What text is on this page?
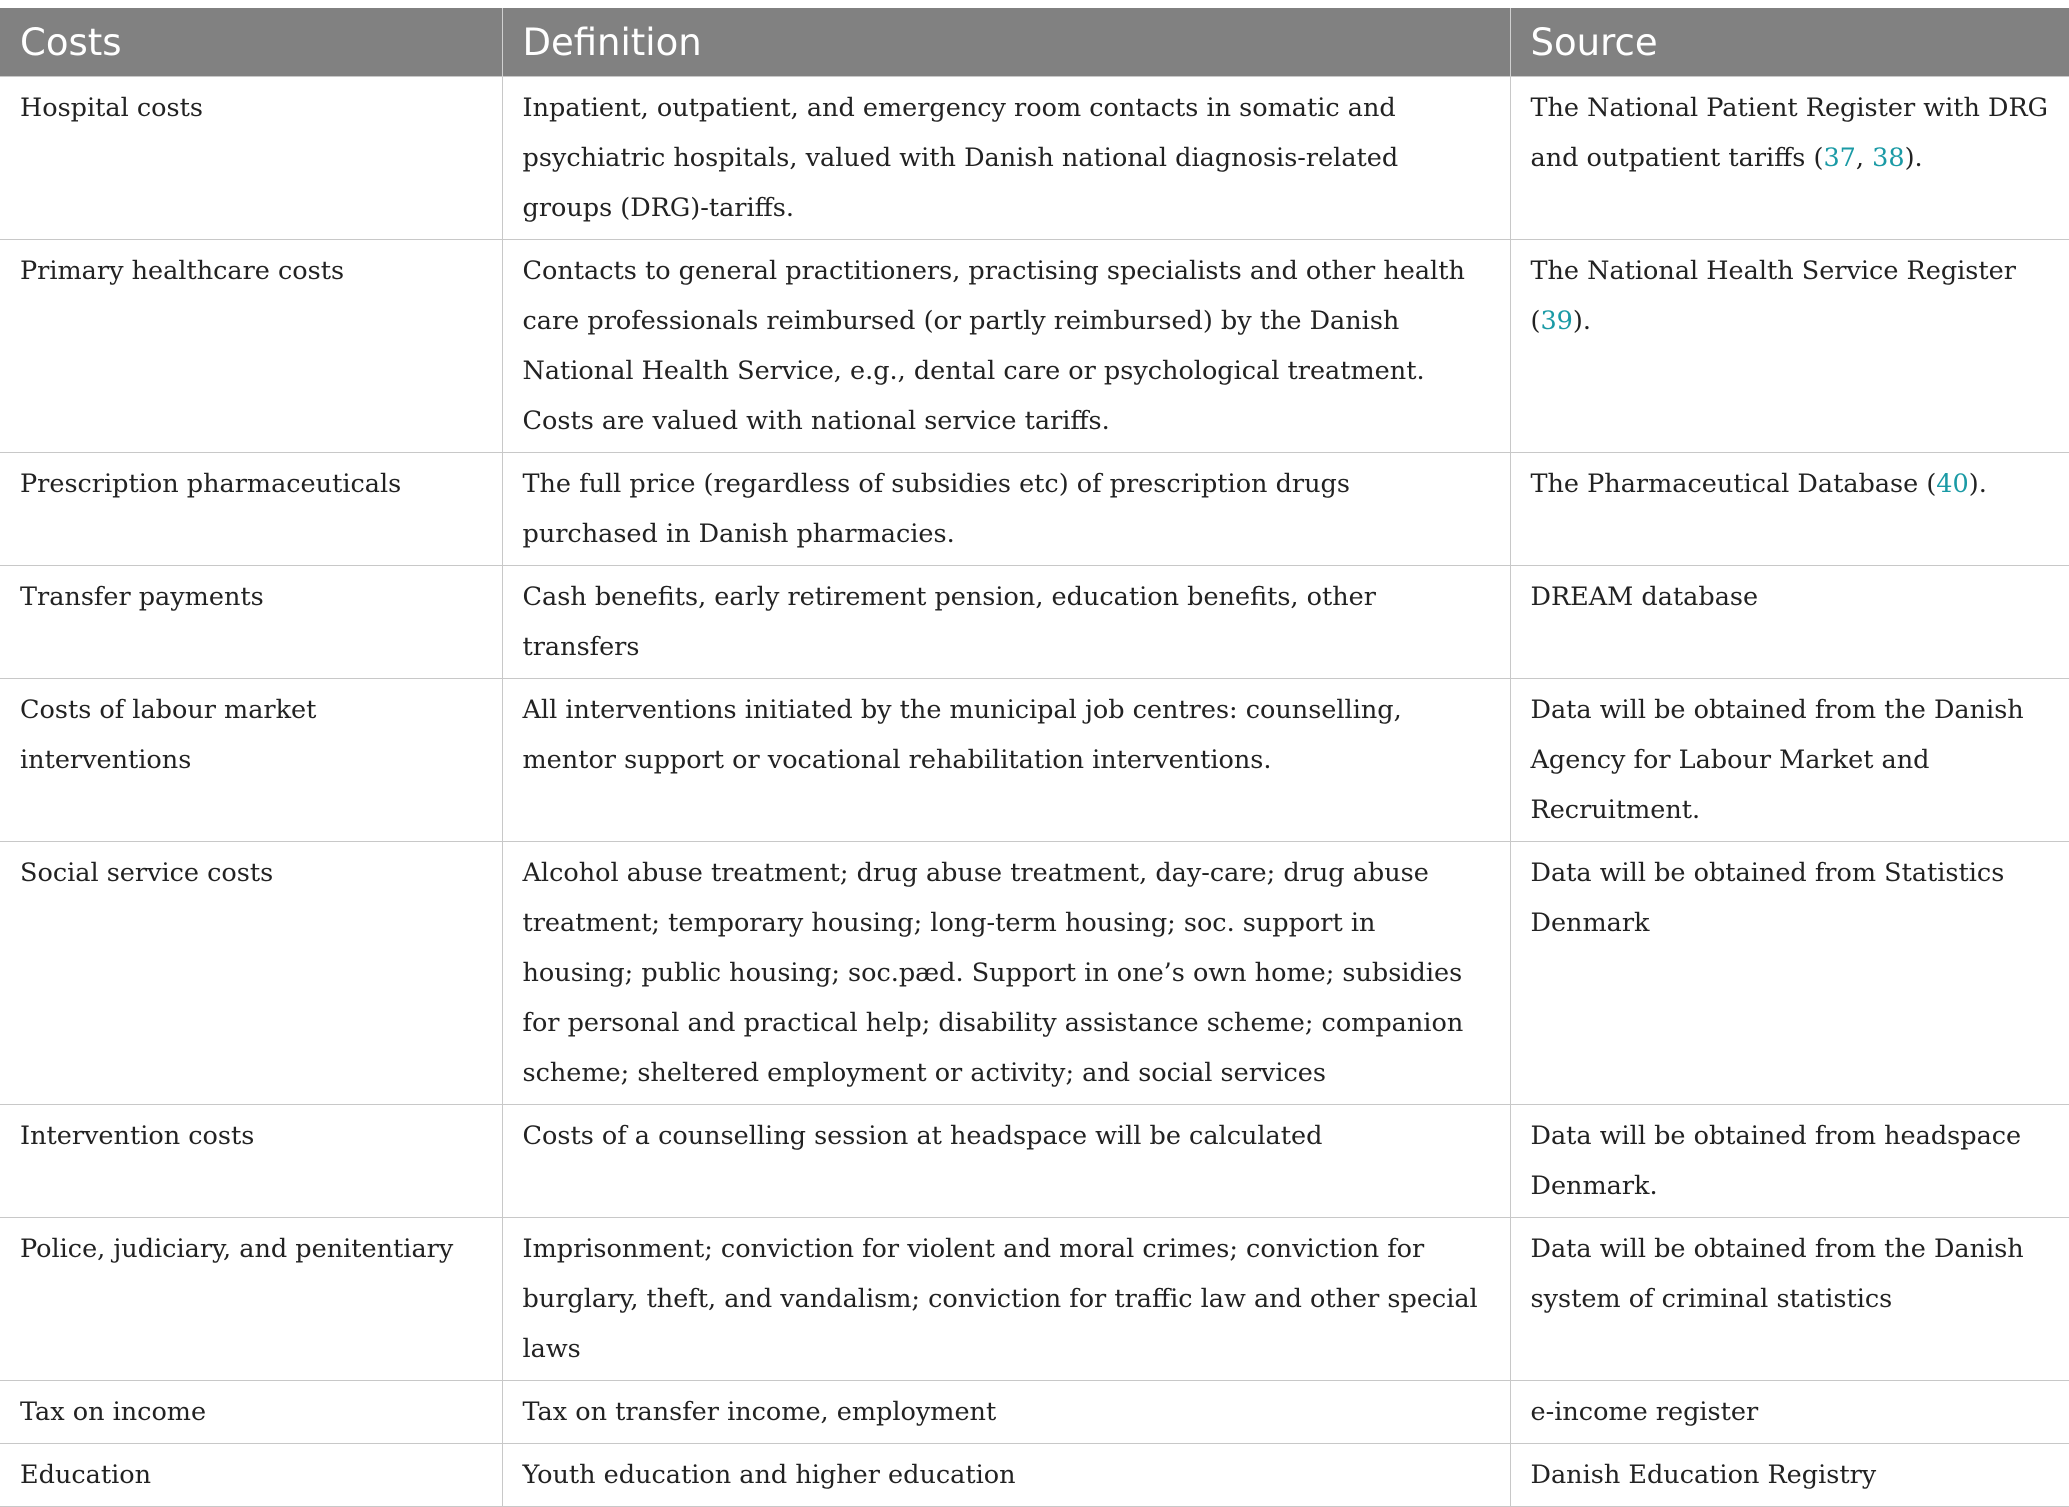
Costs	Definition	Source
Hospital costs	Inpatient, outpatient, and emergency room contacts in somatic and psychiatric hospitals, valued with Danish national diagnosis-related groups (DRG)-tariffs.	The National Patient Register with DRG and outpatient tariffs (37, 38).
Primary healthcare costs	Contacts to general practitioners, practising specialists and other health care professionals reimbursed (or partly reimbursed) by the Danish National Health Service, e.g., dental care or psychological treatment. Costs are valued with national service tariffs.	The National Health Service Register (39).
Prescription pharmaceuticals	The full price (regardless of subsidies etc) of prescription drugs purchased in Danish pharmacies.	The Pharmaceutical Database (40).
Transfer payments	Cash benefits, early retirement pension, education benefits, other transfers	DREAM database
Costs of labour market interventions	All interventions initiated by the municipal job centres: counselling, mentor support or vocational rehabilitation interventions.	Data will be obtained from the Danish Agency for Labour Market and Recruitment.
Social service costs	Alcohol abuse treatment; drug abuse treatment, day-care; drug abuse treatment; temporary housing; long-term housing; soc. support in housing; public housing; soc.pæd. Support in one’s own home; subsidies for personal and practical help; disability assistance scheme; companion scheme; sheltered employment or activity; and social services	Data will be obtained from Statistics Denmark
Intervention costs	Costs of a counselling session at headspace will be calculated	Data will be obtained from headspace Denmark.
Police, judiciary, and penitentiary	Imprisonment; conviction for violent and moral crimes; conviction for burglary, theft, and vandalism; conviction for traffic law and other special laws	Data will be obtained from the Danish system of criminal statistics
Tax on income	Tax on transfer income, employment	e-income register
Education	Youth education and higher education	Danish Education Registry
